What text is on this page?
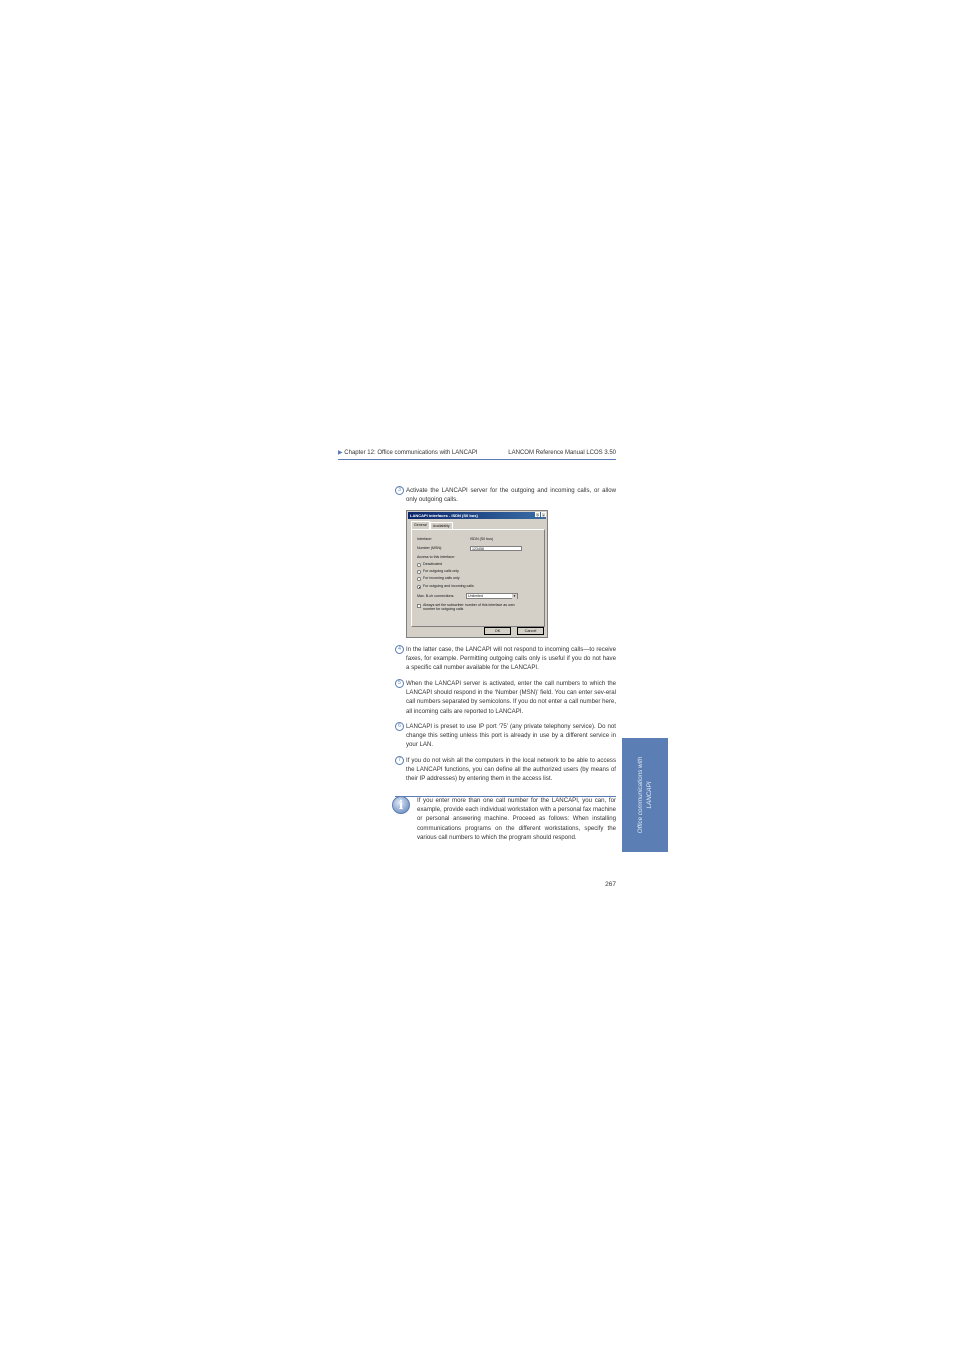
▶ Chapter 12: Office communications with LANCAPI	LANCOM Reference Manual LCOS 3.50
3 Activate the LANCAPI server for the outgoing and incoming calls, or allow only outgoing calls.
LANCAPI interfaces - ISDN (S0 bus)	? ×
General	Availability
Interface:	ISDN (S0 bus)
Number (MSN):	123456
Access to this interface:
Deactivated
For outgoing calls only
For incoming calls only
For outgoing and incoming calls
Max. B-ch connections:	Unlimited	▼
Always set the subscriber number of this interface as own
number for outgoing calls
OK	Cancel
4 In the latter case, the LANCAPI will not respond to incoming calls—to receive faxes, for example. Permitting outgoing calls only is useful if you do not have a specific call number available for the LANCAPI.
5 When the LANCAPI server is activated, enter the call numbers to which the LANCAPI should respond in the ‘Number (MSN)’ field. You can enter sev-eral call numbers separated by semicolons. If you do not enter a call number here, all incoming calls are reported to LANCAPI.
6 LANCAPI is preset to use IP port ‘75’ (any private telephony service). Do not change this setting unless this port is already in use by a different service in your LAN.
7 If you do not wish all the computers in the local network to be able to access the LANCAPI functions, you can define all the authorized users (by means of their IP addresses) by entering them in the access list.
i	If you enter more than one call number for the LANCAPI, you can, for example, provide each individual workstation with a personal fax machine or personal answering machine. Proceed as follows: When installing communications programs on the different workstations, specify the various call numbers to which the program should respond.
267
Office communications with LANCAPI
